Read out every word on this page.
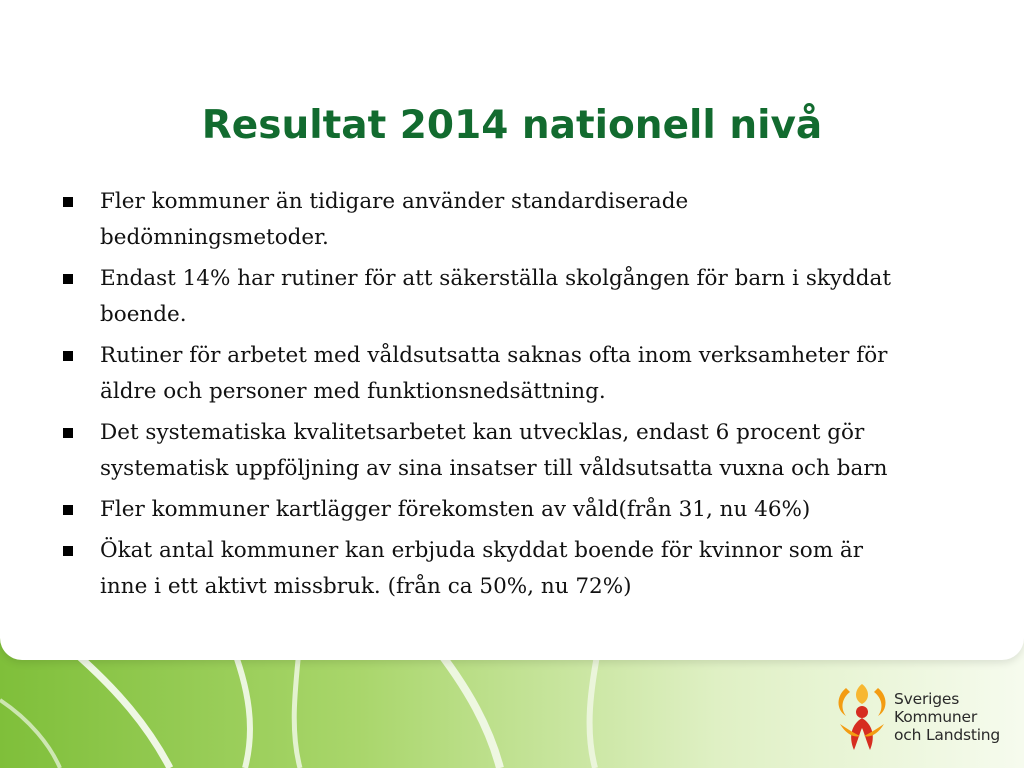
Resultat 2014 nationell nivå
Fler kommuner än tidigare använder standardiserade
bedömningsmetoder.
Endast 14% har rutiner för att säkerställa skolgången för barn i skyddat
boende.
Rutiner för arbetet med våldsutsatta saknas ofta inom verksamheter för
äldre och personer med funktionsnedsättning.
Det systematiska kvalitetsarbetet kan utvecklas, endast 6 procent gör
systematisk uppföljning av sina insatser till våldsutsatta vuxna och barn
Fler kommuner kartlägger förekomsten av våld(från 31, nu 46%)
Ökat antal kommuner kan erbjuda skyddat boende för kvinnor som är
inne i ett aktivt missbruk. (från ca 50%, nu 72%)
Sveriges
Kommuner
och Landsting
